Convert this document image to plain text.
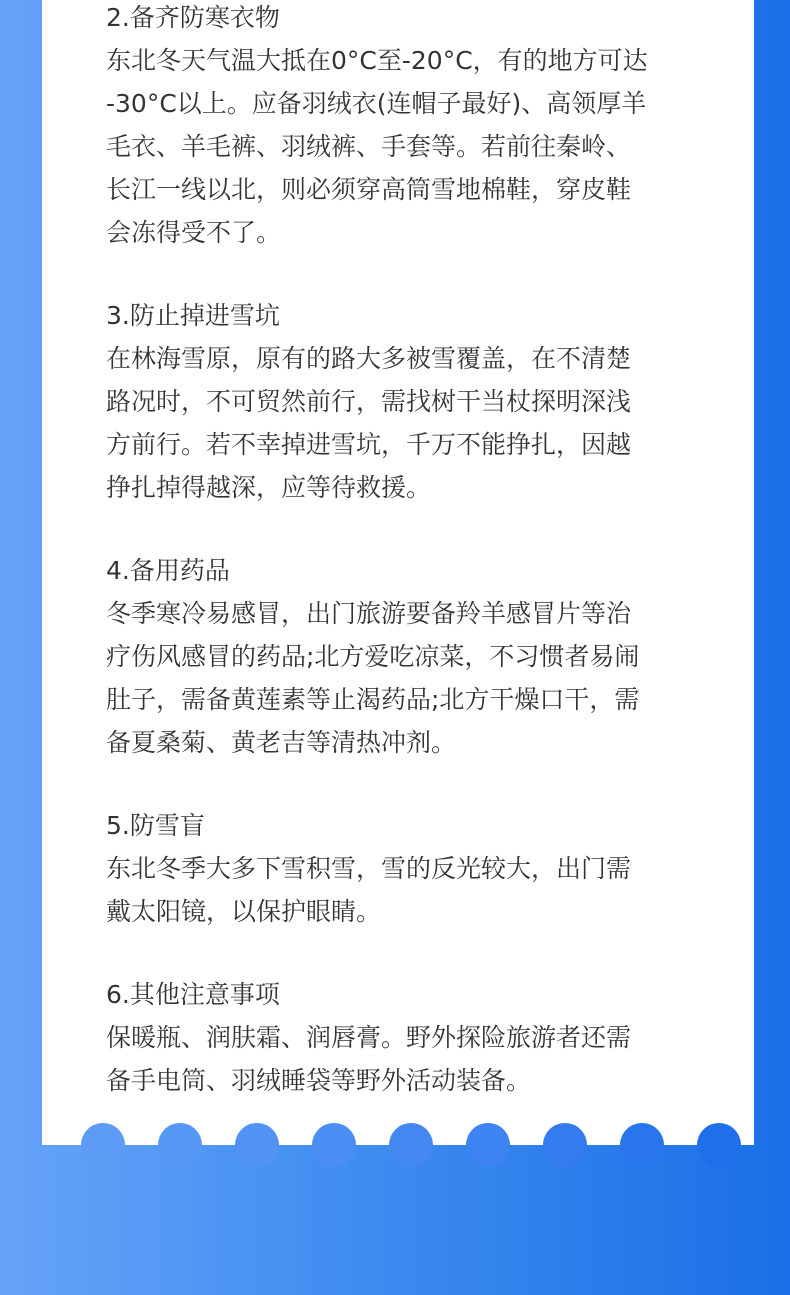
2.备齐防寒衣物
东北冬天气温大抵在0°C至-20°C，有的地方可达
-30°C以上。应备羽绒衣(连帽子最好)、高领厚羊
毛衣、羊毛裤、羽绒裤、手套等。若前往秦岭、
长江一线以北，则必须穿高筒雪地棉鞋，穿皮鞋
会冻得受不了。
3.防止掉进雪坑
在林海雪原，原有的路大多被雪覆盖，在不清楚
路况时，不可贸然前行，需找树干当杖探明深浅
方前行。若不幸掉进雪坑，千万不能挣扎，因越
挣扎掉得越深，应等待救援。
4.备用药品
冬季寒冷易感冒，出门旅游要备羚羊感冒片等治
疗伤风感冒的药品;北方爱吃凉菜，不习惯者易闹
肚子，需备黄莲素等止渴药品;北方干燥口干，需
备夏桑菊、黄老吉等清热冲剂。
5.防雪盲
东北冬季大多下雪积雪，雪的反光较大，出门需
戴太阳镜，以保护眼睛。
6.其他注意事项
保暖瓶、润肤霜、润唇膏。野外探险旅游者还需
备手电筒、羽绒睡袋等野外活动装备。
